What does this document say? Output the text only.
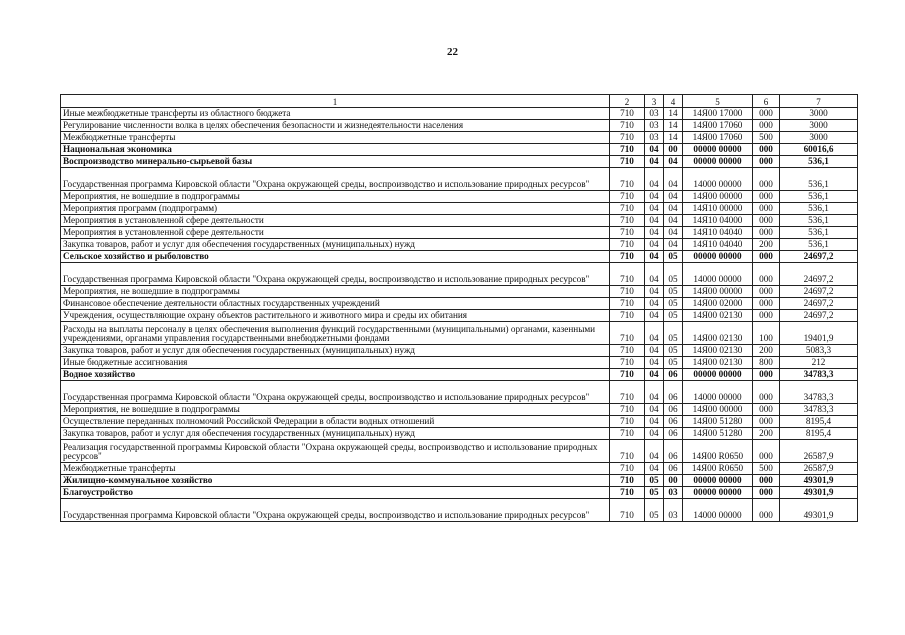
22
1	2	3	4	5	6	7
Иные межбюджетные трансферты из областного бюджета	710	03	14	14Я00 17000	000	3000
Регулирование численности волка в целях обеспечения безопасности и жизнедеятельности населения	710	03	14	14Я00 17060	000	3000
Межбюджетные трансферты	710	03	14	14Я00 17060	500	3000
Национальная экономика	710	04	00	00000 00000	000	60016,6
Воспроизводство минерально-сырьевой базы	710	04	04	00000 00000	000	536,1
Государственная программа Кировской области "Охрана окружающей среды, воспроизводство и использование природных ресурсов"	710	04	04	14000 00000	000	536,1
Мероприятия, не вошедшие в подпрограммы	710	04	04	14Я00 00000	000	536,1
Мероприятия программ (подпрограмм)	710	04	04	14Я10 00000	000	536,1
Мероприятия в установленной сфере деятельности	710	04	04	14Я10 04000	000	536,1
Мероприятия в установленной сфере деятельности	710	04	04	14Я10 04040	000	536,1
Закупка товаров, работ и услуг для обеспечения государственных (муниципальных) нужд	710	04	04	14Я10 04040	200	536,1
Сельское хозяйство и рыболовство	710	04	05	00000 00000	000	24697,2
Государственная программа Кировской области "Охрана окружающей среды, воспроизводство и использование природных ресурсов"	710	04	05	14000 00000	000	24697,2
Мероприятия, не вошедшие в подпрограммы	710	04	05	14Я00 00000	000	24697,2
Финансовое обеспечение деятельности областных государственных учреждений	710	04	05	14Я00 02000	000	24697,2
Учреждения, осуществляющие охрану объектов растительного и животного мира и среды их обитания	710	04	05	14Я00 02130	000	24697,2
Расходы на выплаты персоналу в целях обеспечения выполнения функций государственными (муниципальными) органами, казенными учреждениями, органами управления государственными внебюджетными фондами	710	04	05	14Я00 02130	100	19401,9
Закупка товаров, работ и услуг для обеспечения государственных (муниципальных) нужд	710	04	05	14Я00 02130	200	5083,3
Иные бюджетные ассигнования	710	04	05	14Я00 02130	800	212
Водное хозяйство	710	04	06	00000 00000	000	34783,3
Государственная программа Кировской области "Охрана окружающей среды, воспроизводство и использование природных ресурсов"	710	04	06	14000 00000	000	34783,3
Мероприятия, не вошедшие в подпрограммы	710	04	06	14Я00 00000	000	34783,3
Осуществление переданных полномочий Российской Федерации в области водных отношений	710	04	06	14Я00 51280	000	8195,4
Закупка товаров, работ и услуг для обеспечения государственных (муниципальных) нужд	710	04	06	14Я00 51280	200	8195,4
Реализация государственной программы Кировской области "Охрана окружающей среды, воспроизводство и использование природных ресурсов"	710	04	06	14Я00 R0650	000	26587,9
Межбюджетные трансферты	710	04	06	14Я00 R0650	500	26587,9
Жилищно-коммунальное хозяйство	710	05	00	00000 00000	000	49301,9
Благоустройство	710	05	03	00000 00000	000	49301,9
Государственная программа Кировской области "Охрана окружающей среды, воспроизводство и использование природных ресурсов"	710	05	03	14000 00000	000	49301,9
